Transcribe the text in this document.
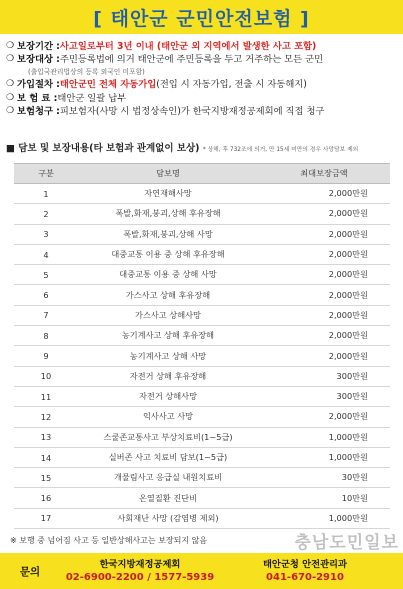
[ 태안군 군민안전보험 ]
❍ 보장기간 : 사고일로부터 3년 이내 (태안군 외 지역에서 발생한 사고 포함)
❍ 보장대상 : 주민등록법에 의거 태안군에 주민등록을 두고 거주하는 모든 군민
(출입국관리법상의 등록 외국인 미포함)
❍ 가입절차 : 태안군민 전체 자동가입 (전입 시 자동가입, 전출 시 자동해지)
❍ 보 험 료 : 태안군 일괄 납부
❍ 보험청구 : 피보험자(사망 시 법정상속인)가 한국지방재정공제회에 직접 청구
■ 담보 및 보장내용(타 보험과 관계없이 보상) * 상해, 후 732조에 의거, 만 15세 미만의 경우 사망담보 제외
구분	담보명	최대보장금액
1	자연재해사망	2,000만원
2	폭발,화재,붕괴,상해 후유장해	2,000만원
3	폭발,화재,붕괴,상해 사망	2,000만원
4	대중교통 이용 중 상해 후유장해	2,000만원
5	대중교통 이용 중 상해 사망	2,000만원
6	가스사고 상해 후유장해	2,000만원
7	가스사고 상해사망	2,000만원
8	농기계사고 상해 후유장해	2,000만원
9	농기계사고 상해 사망	2,000만원
10	자전거 상해 후유장해	300만원
11	자전거 상해사망	300만원
12	익사사고 사망	2,000만원
13	스쿨존교통사고 부상치료비(1~5급)	1,000만원
14	실버존 사고 치료비 담보(1~5급)	1,000만원
15	개물림사고 응급실 내원치료비	30만원
16	온열질환 진단비	10만원
17	사회재난 사망 (감염병 제외)	1,000만원
※ 보행 중 넘어짐 사고 등 일반상해사고는 보장되지 않음	충남도민일보
문의
한국지방재정공제회
02-6900-2200 / 1577-5939
태안군청 안전관리과
041-670-2910
